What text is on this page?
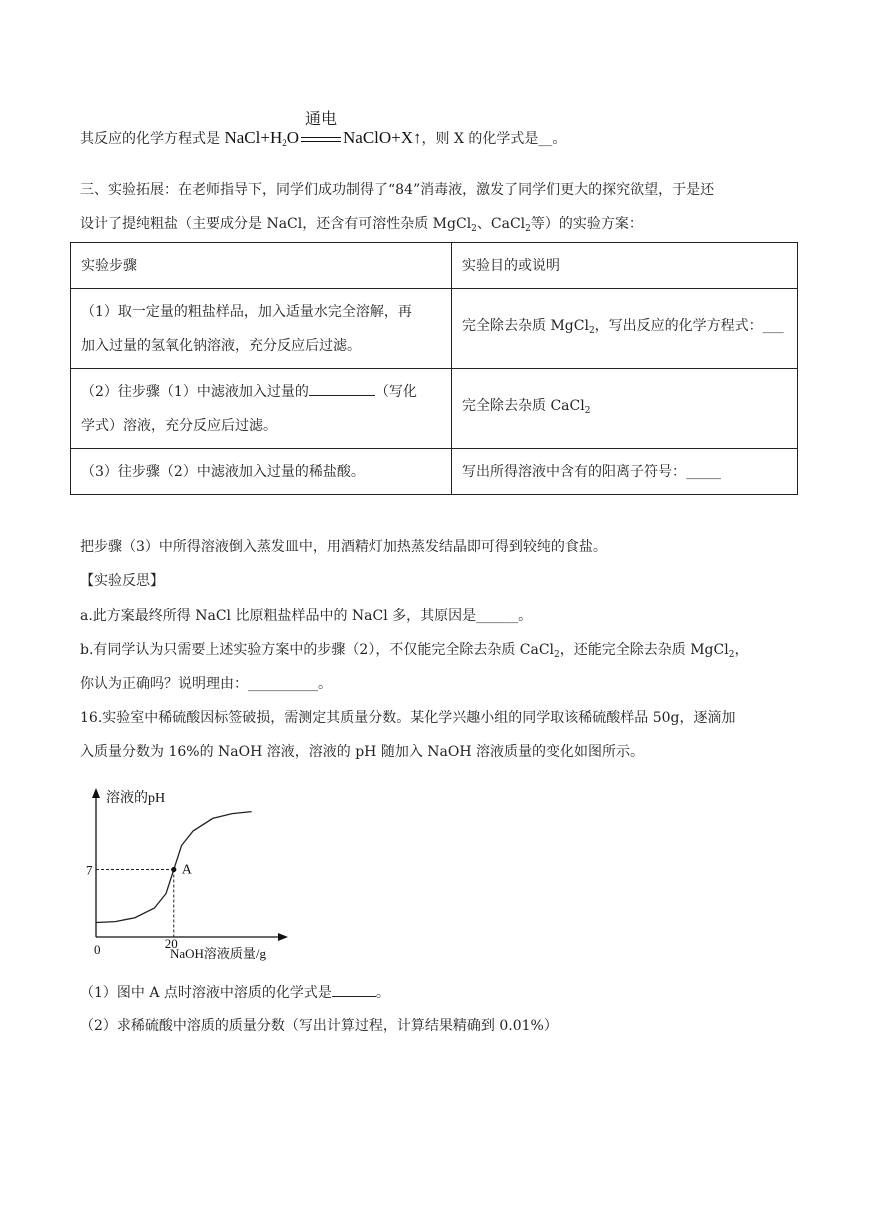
其反应的化学方程式是 $NaCl+H_2O$
通电
NaClO+X↑，则 X 的化学式是__。
三、实验拓展：在老师指导下，同学们成功制得了“84”消毒液，激发了同学们更大的探究欲望，于是还
设计了提纯粗盐（主要成分是 NaCl，还含有可溶性杂质 MgCl$_2$、CaCl$_2$等）的实验方案：
实验步骤	实验目的或说明

（1）取一定量的粗盐样品，加入适量水完全溶解，再
加入过量的氢氧化钠溶液，充分反应后过滤。	完全除去杂质 MgCl$_2$，写出反应的化学方程式：___

（2）往步骤（1）中滤液加入过量的 （写化
学式）溶液，充分反应后过滤。	完全除去杂质 CaCl$_2$
（3）往步骤（2）中滤液加入过量的稀盐酸。	写出所得溶液中含有的阳离子符号：_____
把步骤（3）中所得溶液倒入蒸发皿中，用酒精灯加热蒸发结晶即可得到较纯的食盐。
【实验反思】
a.此方案最终所得 NaCl 比原粗盐样品中的 NaCl 多，其原因是______。
b.有同学认为只需要上述实验方案中的步骤（2），不仅能完全除去杂质 CaCl$_2$，还能完全除去杂质 MgCl$_2$，
你认为正确吗？说明理由：__________。
16.实验室中稀硫酸因标签破损，需测定其质量分数。某化学兴趣小组的同学取该稀硫酸样品 50g，逐滴加
入质量分数为 16%的 NaOH 溶液，溶液的 pH 随加入 NaOH 溶液质量的变化如图所示。
A
溶液的pH
NaOH溶液质量/g
0	20
7
（1）图中 A 点时溶液中溶质的化学式是	。
（2）求稀硫酸中溶质的质量分数（写出计算过程，计算结果精确到 0.01%）
